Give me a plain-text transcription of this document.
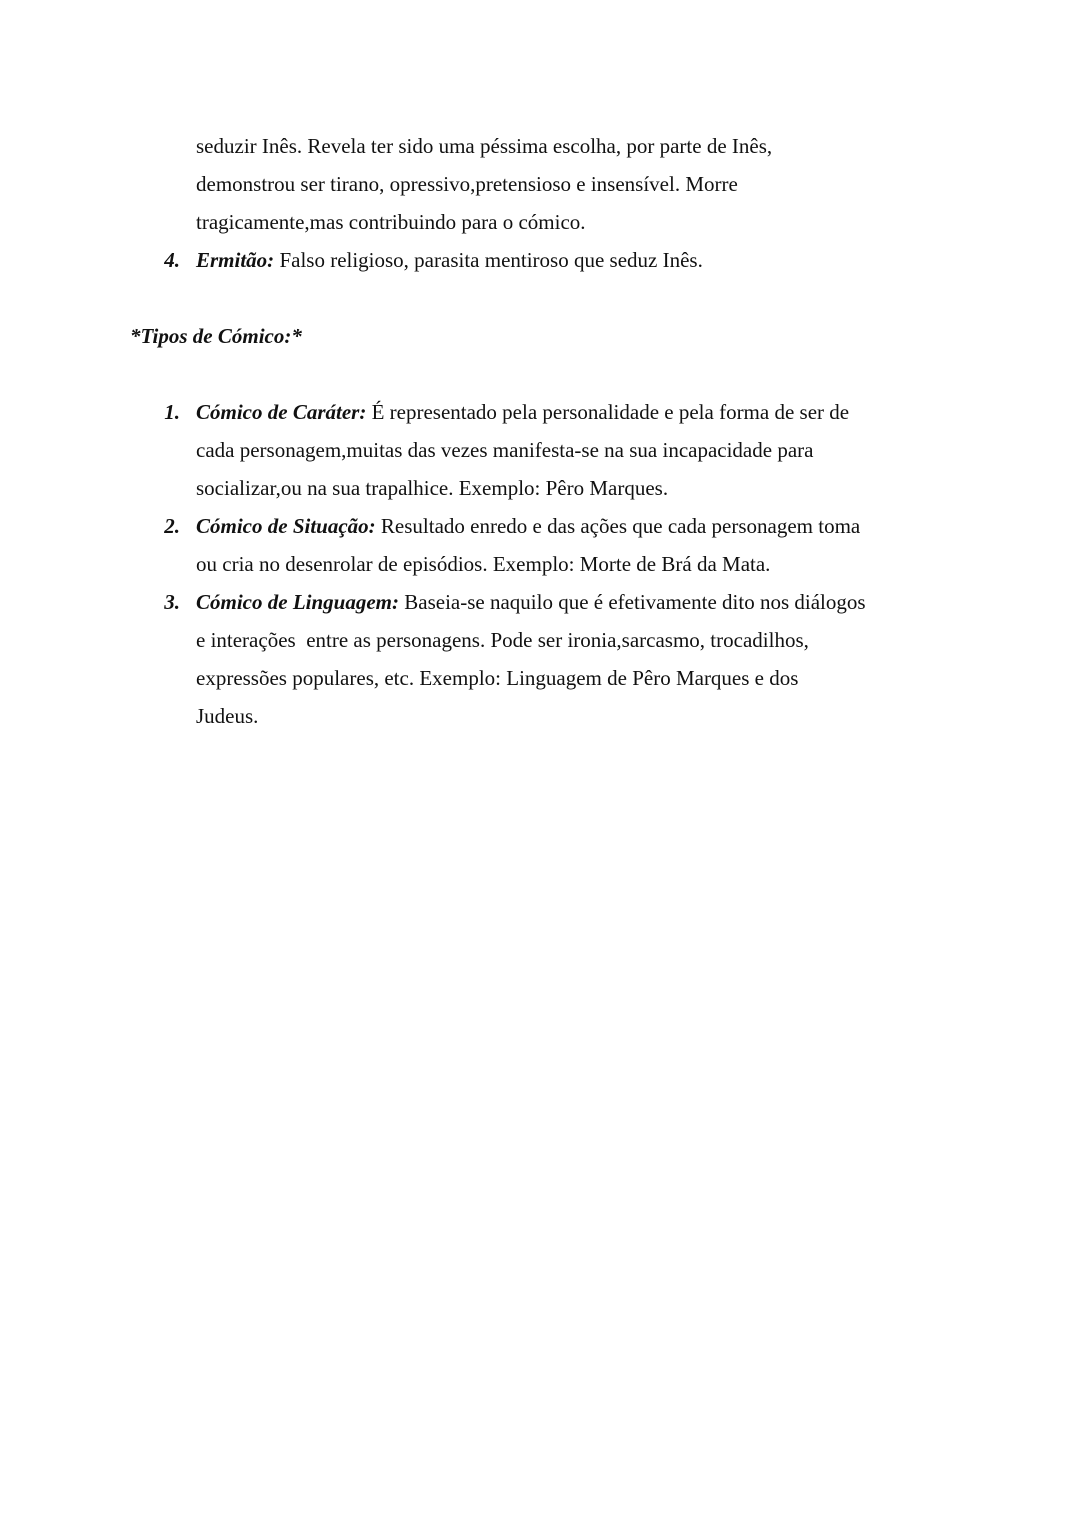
seduzir Inês. Revela ter sido uma péssima escolha, por parte de Inês,
demonstrou ser tirano, opressivo,pretensioso e insensível. Morre
tragicamente,mas contribuindo para o cómico.
4. Ermitão: Falso religioso, parasita mentiroso que seduz Inês.
*Tipos de Cómico:*
1. Cómico de Caráter: É representado pela personalidade e pela forma de ser de
cada personagem,muitas das vezes manifesta-se na sua incapacidade para
socializar,ou na sua trapalhice. Exemplo: Pêro Marques.
2. Cómico de Situação: Resultado enredo e das ações que cada personagem toma
ou cria no desenrolar de episódios. Exemplo: Morte de Brá da Mata.
3. Cómico de Linguagem: Baseia-se naquilo que é efetivamente dito nos diálogos
e interações  entre as personagens. Pode ser ironia,sarcasmo, trocadilhos,
expressões populares, etc. Exemplo: Linguagem de Pêro Marques e dos
Judeus.
